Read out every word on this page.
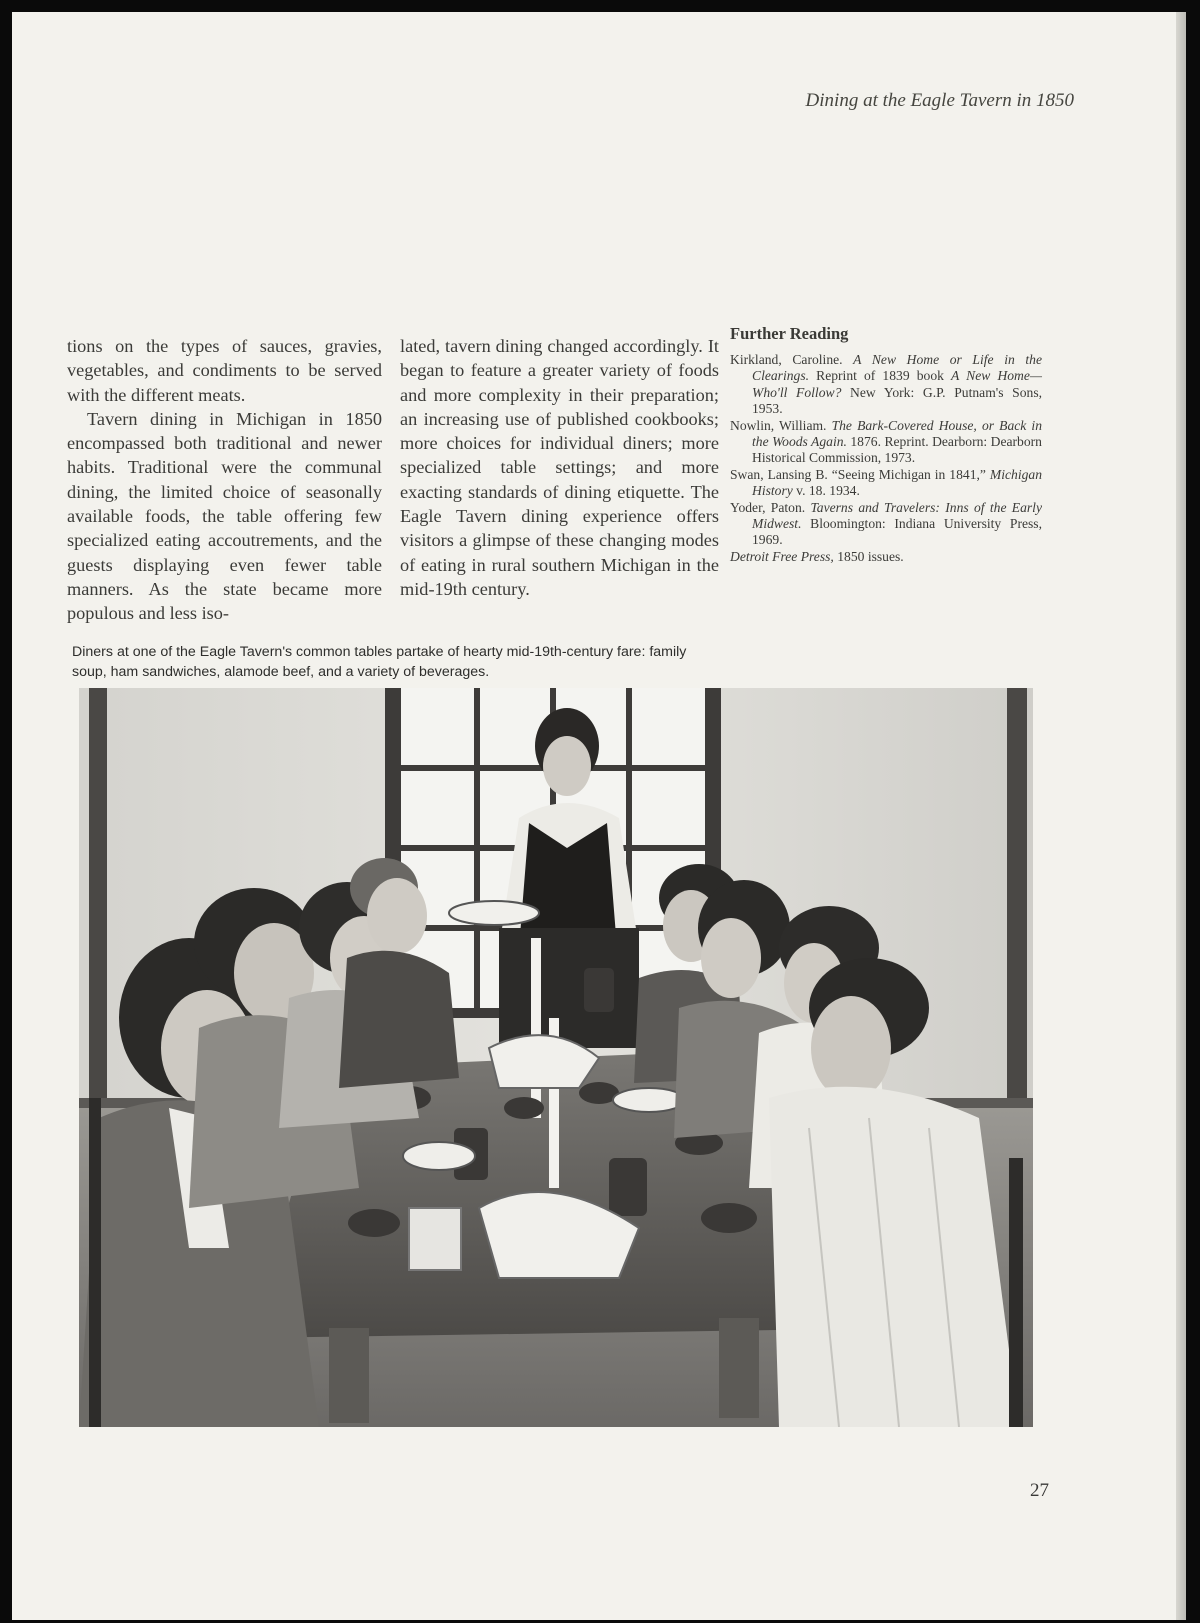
Dining at the Eagle Tavern in 1850

tions on the types of sauces, gravies, vegetables, and condiments to be served with the different meats.

Tavern dining in Michigan in 1850 encompassed both traditional and newer habits. Traditional were the communal dining, the limited choice of seasonally available foods, the table offering few specialized eating accoutrements, and the guests displaying even fewer table manners. As the state became more populous and less iso-

lated, tavern dining changed accordingly. It began to feature a greater variety of foods and more complexity in their preparation; an increasing use of published cookbooks; more choices for individual diners; more specialized table settings; and more exacting standards of dining etiquette. The Eagle Tavern dining experience offers visitors a glimpse of these changing modes of eating in rural southern Michigan in the mid-19th century.

Further Reading
Kirkland, Caroline. A New Home or Life in the Clearings. Reprint of 1839 book A New Home—Who'll Follow? New York: G.P. Putnam's Sons, 1953.
Nowlin, William. The Bark-Covered House, or Back in the Woods Again. 1876. Reprint. Dearborn: Dearborn Historical Commission, 1973.
Swan, Lansing B. “Seeing Michigan in 1841,” Michigan History v. 18. 1934.
Yoder, Paton. Taverns and Travelers: Inns of the Early Midwest. Bloomington: Indiana University Press, 1969.
Detroit Free Press, 1850 issues.
Diners at one of the Eagle Tavern's common tables partake of hearty mid-19th-century fare: family soup, ham sandwiches, alamode beef, and a variety of beverages.
27
